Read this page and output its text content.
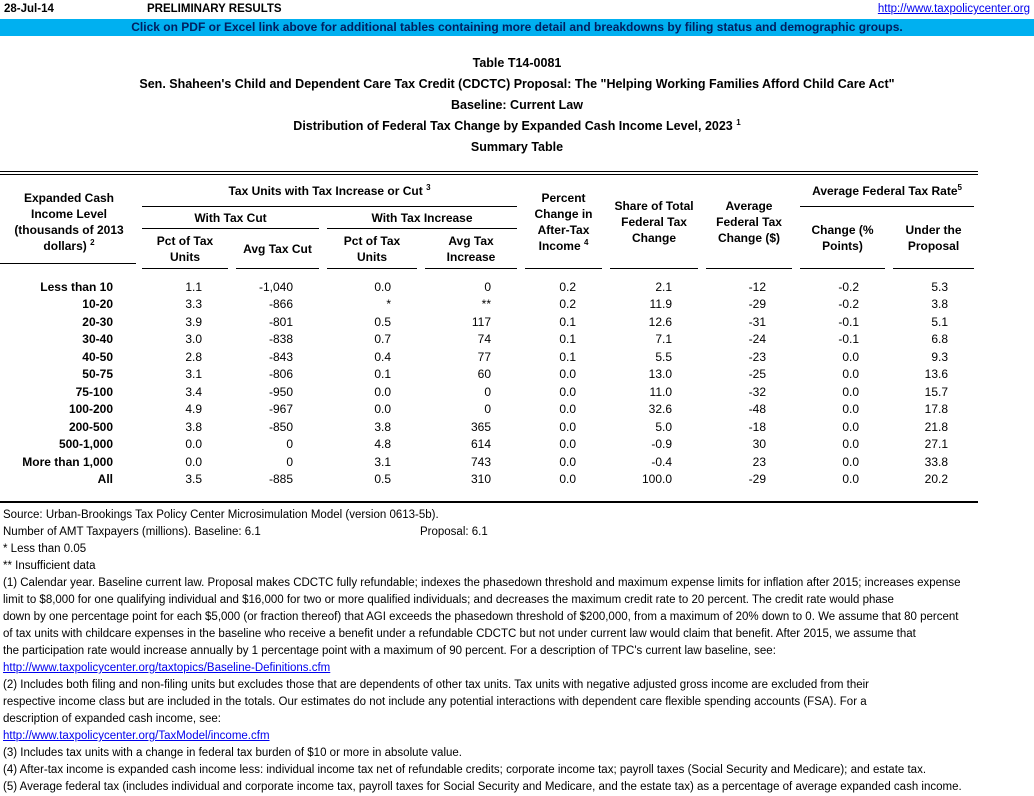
28-Jul-14	PRELIMINARY RESULTS	http://www.taxpolicycenter.org
Click on PDF or Excel link above for additional tables containing more detail and breakdowns by filing status and demographic groups.
Table T14-0081
Sen. Shaheen's Child and Dependent Care Tax Credit (CDCTC) Proposal: The "Helping Working Families Afford Child Care Act"
Baseline: Current Law
Distribution of Federal Tax Change by Expanded Cash Income Level, 2023 $^1$
Summary Table
Expanded Cash Income Level (thousands of 2013 dollars) $^2$	Tax Units with Tax Increase or Cut $^3$				Percent Change in After-Tax Income $^4$	Share of Total Federal Tax Change	Average Federal Tax Change ($)	Average Federal Tax Rate$^5$
	With Tax Cut		With Tax Increase					Change (% Points)	Under the Proposal
	Pct of Tax Units	Avg Tax Cut	Pct of Tax Units	Avg Tax Increase					
Less than 10	1.1	-1,040	0.0	0	0.2	2.1	-12	-0.2	5.3
10-20	3.3	-866	*	**	0.2	11.9	-29	-0.2	3.8
20-30	3.9	-801	0.5	117	0.1	12.6	-31	-0.1	5.1
30-40	3.0	-838	0.7	74	0.1	7.1	-24	-0.1	6.8
40-50	2.8	-843	0.4	77	0.1	5.5	-23	0.0	9.3
50-75	3.1	-806	0.1	60	0.0	13.0	-25	0.0	13.6
75-100	3.4	-950	0.0	0	0.0	11.0	-32	0.0	15.7
100-200	4.9	-967	0.0	0	0.0	32.6	-48	0.0	17.8
200-500	3.8	-850	3.8	365	0.0	5.0	-18	0.0	21.8
500-1,000	0.0	0	4.8	614	0.0	-0.9	30	0.0	27.1
More than 1,000	0.0	0	3.1	743	0.0	-0.4	23	0.0	33.8
All	3.5	-885	0.5	310	0.0	100.0	-29	0.0	20.2
Source: Urban-Brookings Tax Policy Center Microsimulation Model (version 0613-5b).
Number of AMT Taxpayers (millions). Baseline: 6.1	Proposal: 6.1
* Less than 0.05
** Insufficient data
(1) Calendar year. Baseline current law. Proposal makes CDCTC fully refundable; indexes the phasedown threshold and maximum expense limits for inflation after 2015; increases expense
limit to $8,000 for one qualifying individual and $16,000 for two or more qualified individuals; and decreases the maximum credit rate to 20 percent. The credit rate would phase
down by one percentage point for each $5,000 (or fraction thereof) that AGI exceeds the phasedown threshold of $200,000, from a maximum of 20% down to 0. We assume that 80 percent
of tax units with childcare expenses in the baseline who receive a benefit under a refundable CDCTC but not under current law would claim that benefit. After 2015, we assume that
the participation rate would increase annually by 1 percentage point with a maximum of 90 percent. For a description of TPC's current law baseline, see:
http://www.taxpolicycenter.org/taxtopics/Baseline-Definitions.cfm
(2) Includes both filing and non-filing units but excludes those that are dependents of other tax units. Tax units with negative adjusted gross income are excluded from their
respective income class but are included in the totals. Our estimates do not include any potential interactions with dependent care flexible spending accounts (FSA). For a
description of expanded cash income, see:
http://www.taxpolicycenter.org/TaxModel/income.cfm
(3) Includes tax units with a change in federal tax burden of $10 or more in absolute value.
(4) After-tax income is expanded cash income less: individual income tax net of refundable credits; corporate income tax; payroll taxes (Social Security and Medicare); and estate tax.
(5) Average federal tax (includes individual and corporate income tax, payroll taxes for Social Security and Medicare, and the estate tax) as a percentage of average expanded cash income.
